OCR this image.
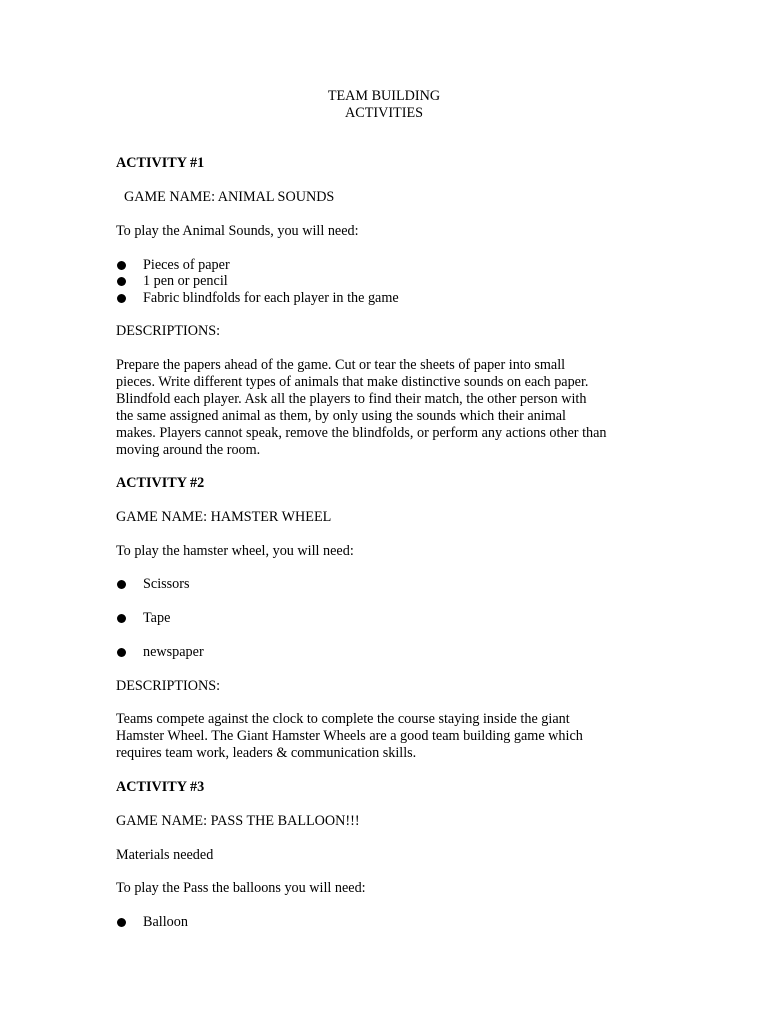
TEAM BUILDING
ACTIVITIES
ACTIVITY #1
GAME NAME: ANIMAL SOUNDS
To play the Animal Sounds, you will need:
Pieces of paper
1 pen or pencil
Fabric blindfolds for each player in the game
DESCRIPTIONS:
Prepare the papers ahead of the game. Cut or tear the sheets of paper into small
pieces. Write different types of animals that make distinctive sounds on each paper.
Blindfold each player. Ask all the players to find their match, the other person with
the same assigned animal as them, by only using the sounds which their animal
makes. Players cannot speak, remove the blindfolds, or perform any actions other than
moving around the room.
ACTIVITY #2
GAME NAME: HAMSTER WHEEL
To play the hamster wheel, you will need:
Scissors
Tape
newspaper
DESCRIPTIONS:
Teams compete against the clock to complete the course staying inside the giant
Hamster Wheel. The Giant Hamster Wheels are a good team building game which
requires team work, leaders & communication skills.
ACTIVITY #3
GAME NAME: PASS THE BALLOON!!!
Materials needed
To play the Pass the balloons you will need:
Balloon
